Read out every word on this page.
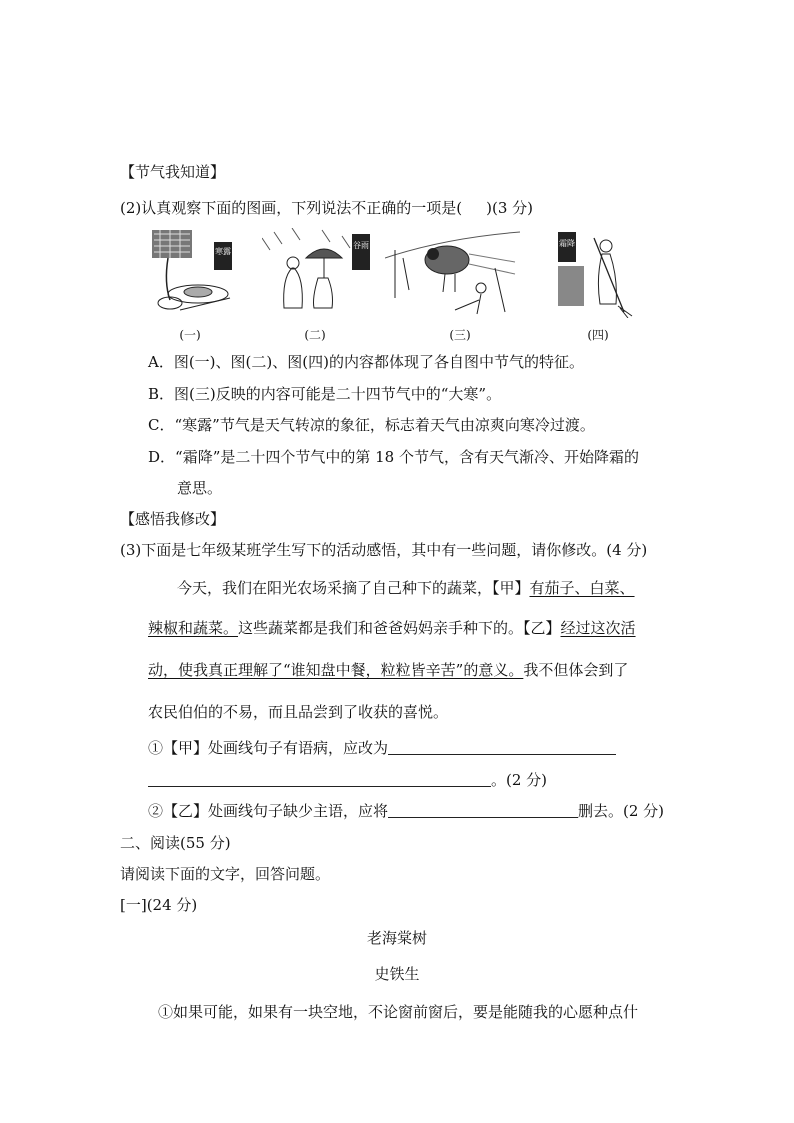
【节气我知道】
(2)认真观察下面的图画，下列说法不正确的一项是( )(3 分)
寒露
谷雨	霜降
(一)	(二)	(三)	(四)
A．图(一)、图(二)、图(四)的内容都体现了各自图中节气的特征。
B．图(三)反映的内容可能是二十四节气中的“大寒”。
C．“寒露”节气是天气转凉的象征，标志着天气由凉爽向寒冷过渡。
D．“霜降”是二十四个节气中的第 18 个节气，含有天气渐冷、开始降霜的
意思。
【感悟我修改】
(3)下面是七年级某班学生写下的活动感悟，其中有一些问题，请你修改。(4 分)
今天，我们在阳光农场采摘了自己种下的蔬菜，【甲】有茄子、白菜、
辣椒和蔬菜。这些蔬菜都是我们和爸爸妈妈亲手种下的。【乙】经过这次活
动，使我真正理解了“谁知盘中餐，粒粒皆辛苦”的意义。我不但体会到了
农民伯伯的不易，而且品尝到了收获的喜悦。
①【甲】处画线句子有语病，应改为
。(2 分)
②【乙】处画线句子缺少主语，应将	删去。(2 分)
二、阅读(55 分)
请阅读下面的文字，回答问题。
[一](24 分)
老海棠树
史铁生
①如果可能，如果有一块空地，不论窗前窗后，要是能随我的心愿种点什
